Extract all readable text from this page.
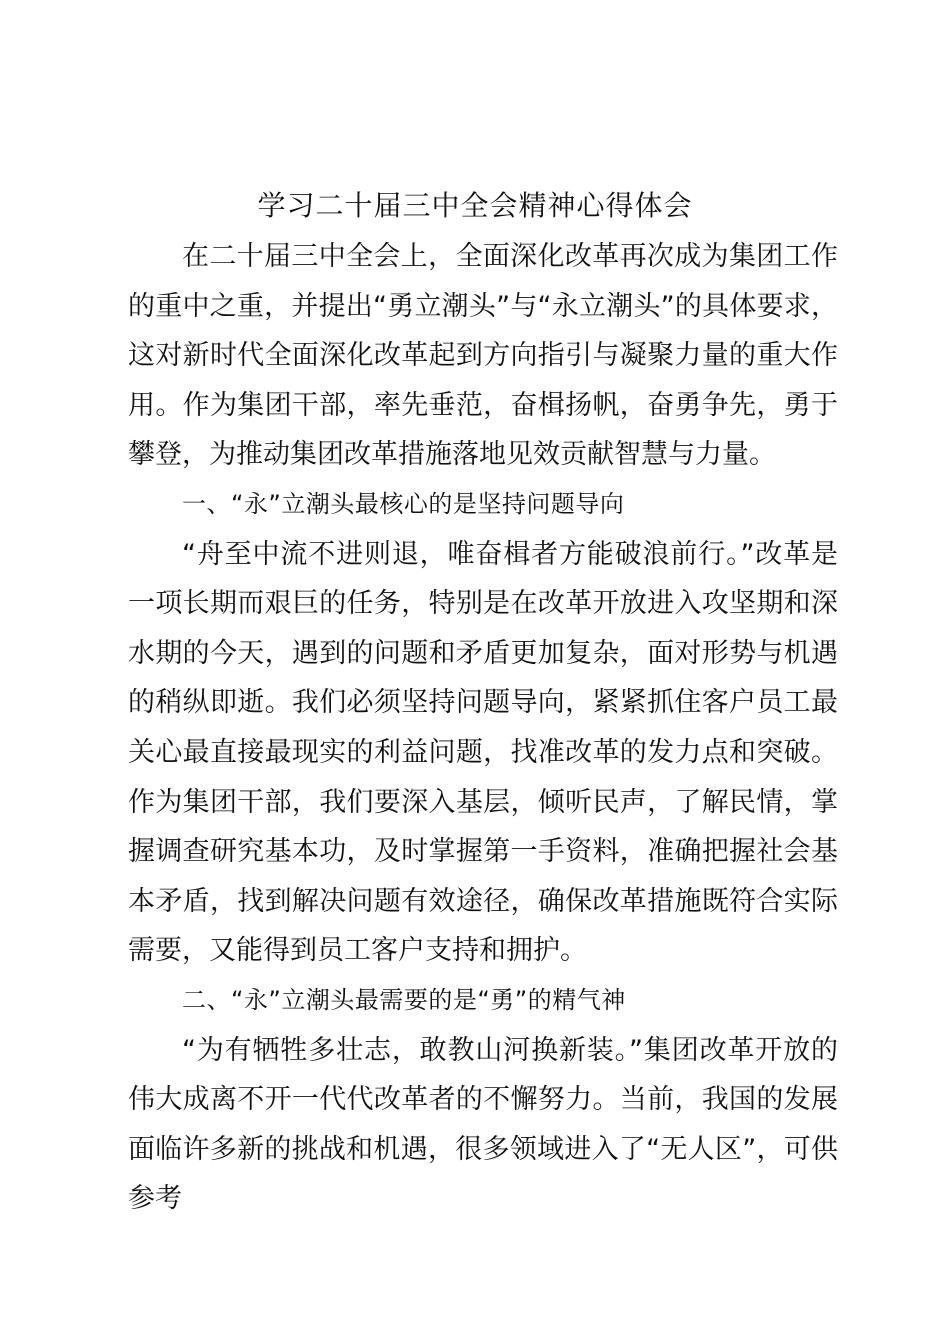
学习二十届三中全会精神心得体会

在二十届三中全会上，全面深化改革再次成为集团工作的重中之重，并提出“勇立潮头”与“永立潮头”的具体要求，这对新时代全面深化改革起到方向指引与凝聚力量的重大作用。作为集团干部，率先垂范，奋楫扬帆，奋勇争先，勇于攀登，为推动集团改革措施落地见效贡献智慧与力量。

一、“永”立潮头最核心的是坚持问题导向

“舟至中流不进则退，唯奋楫者方能破浪前行。”改革是一项长期而艰巨的任务，特别是在改革开放进入攻坚期和深水期的今天，遇到的问题和矛盾更加复杂，面对形势与机遇的稍纵即逝。我们必须坚持问题导向，紧紧抓住客户员工最关心最直接最现实的利益问题，找准改革的发力点和突破。作为集团干部，我们要深入基层，倾听民声，了解民情，掌握调查研究基本功，及时掌握第一手资料，准确把握社会基本矛盾，找到解决问题有效途径，确保改革措施既符合实际需要，又能得到员工客户支持和拥护。

二、“永”立潮头最需要的是“勇”的精气神

“为有牺牲多壮志，敢教山河换新装。”集团改革开放的伟大成离不开一代代改革者的不懈努力。当前，我国的发展面临许多新的挑战和机遇，很多领域进入了“无人区”，可供参考
